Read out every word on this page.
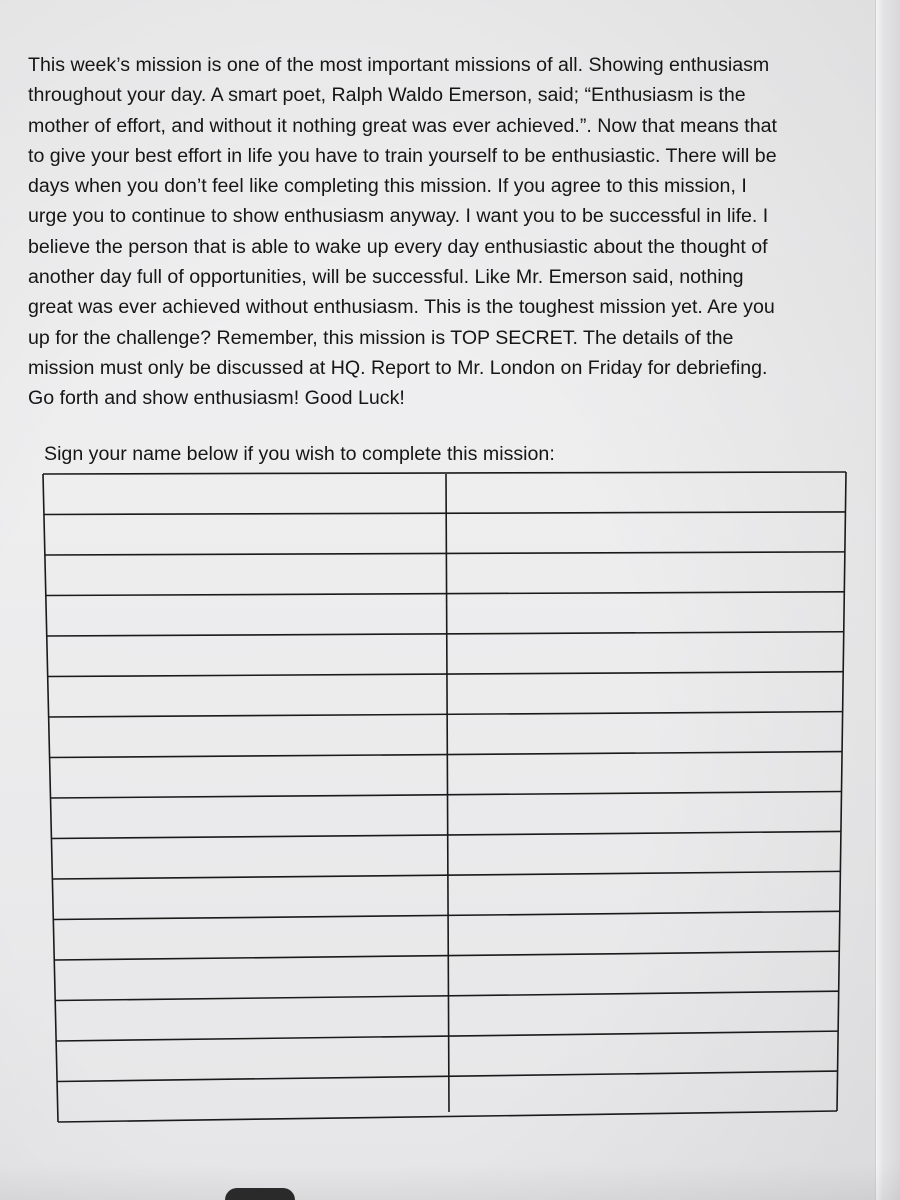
This week’s mission is one of the most important missions of all. Showing enthusiasm
throughout your day. A smart poet, Ralph Waldo Emerson, said; “Enthusiasm is the
mother of effort, and without it nothing great was ever achieved.”. Now that means that
to give your best effort in life you have to train yourself to be enthusiastic. There will be
days when you don’t feel like completing this mission. If you agree to this mission, I
urge you to continue to show enthusiasm anyway. I want you to be successful in life. I
believe the person that is able to wake up every day enthusiastic about the thought of
another day full of opportunities, will be successful. Like Mr. Emerson said, nothing
great was ever achieved without enthusiasm. This is the toughest mission yet. Are you
up for the challenge? Remember, this mission is TOP SECRET. The details of the
mission must only be discussed at HQ. Report to Mr. London on Friday for debriefing.
Go forth and show enthusiasm! Good Luck!

Sign your name below if you wish to complete this mission:
